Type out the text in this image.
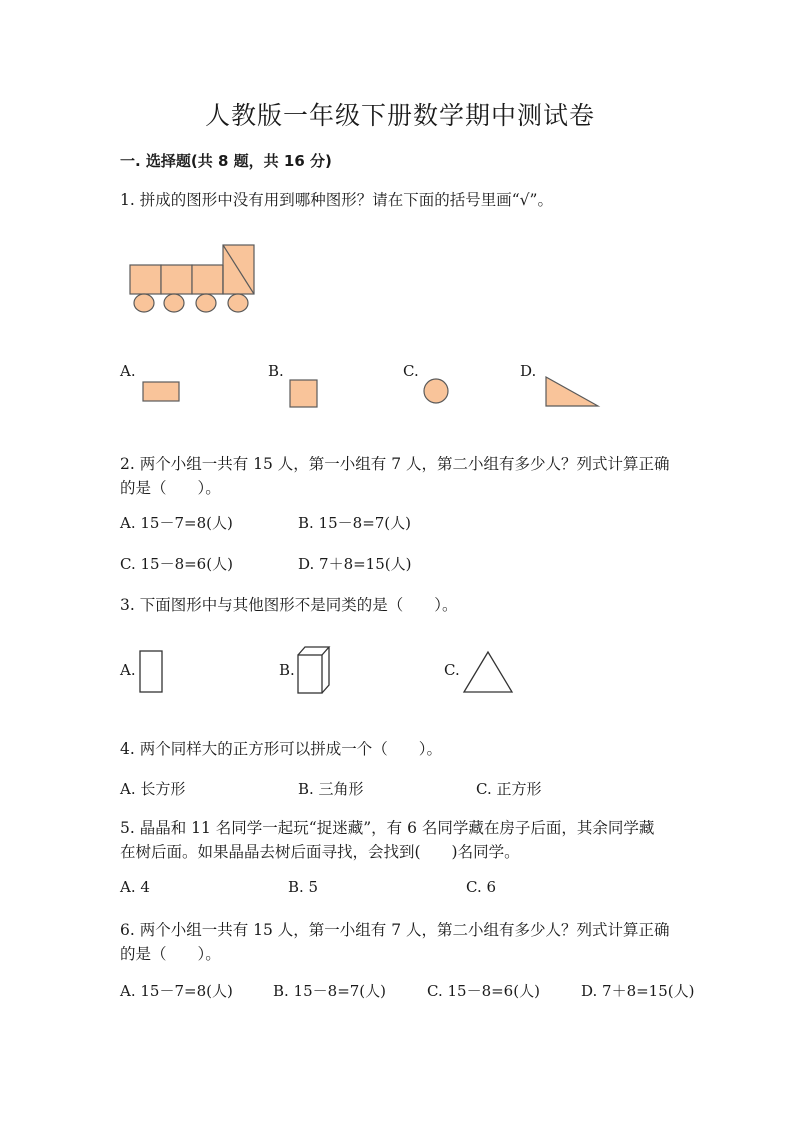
人教版一年级下册数学期中测试卷
一. 选择题(共 8 题，共 16 分)
1. 拼成的图形中没有用到哪种图形？请在下面的括号里画“√”。
A.	B.	C.	D.
2. 两个小组一共有 15 人，第一小组有 7 人，第二小组有多少人？列式计算正确
的是（　　）。
A. 15－7=8(人)	B. 15－8=7(人)
C. 15－8=6(人)	D. 7＋8=15(人)
3. 下面图形中与其他图形不是同类的是（　　）。
A.	B.	C.
4. 两个同样大的正方形可以拼成一个（　　）。
A. 长方形	B. 三角形	C. 正方形
5. 晶晶和 11 名同学一起玩“捉迷藏”，有 6 名同学藏在房子后面，其余同学藏
在树后面。如果晶晶去树后面寻找，会找到(　　)名同学。
A. 4	B. 5	C. 6
6. 两个小组一共有 15 人，第一小组有 7 人，第二小组有多少人？列式计算正确
的是（　　）。
A. 15－7=8(人)	B. 15－8=7(人)	C. 15－8=6(人)	D. 7＋8=15(人)
